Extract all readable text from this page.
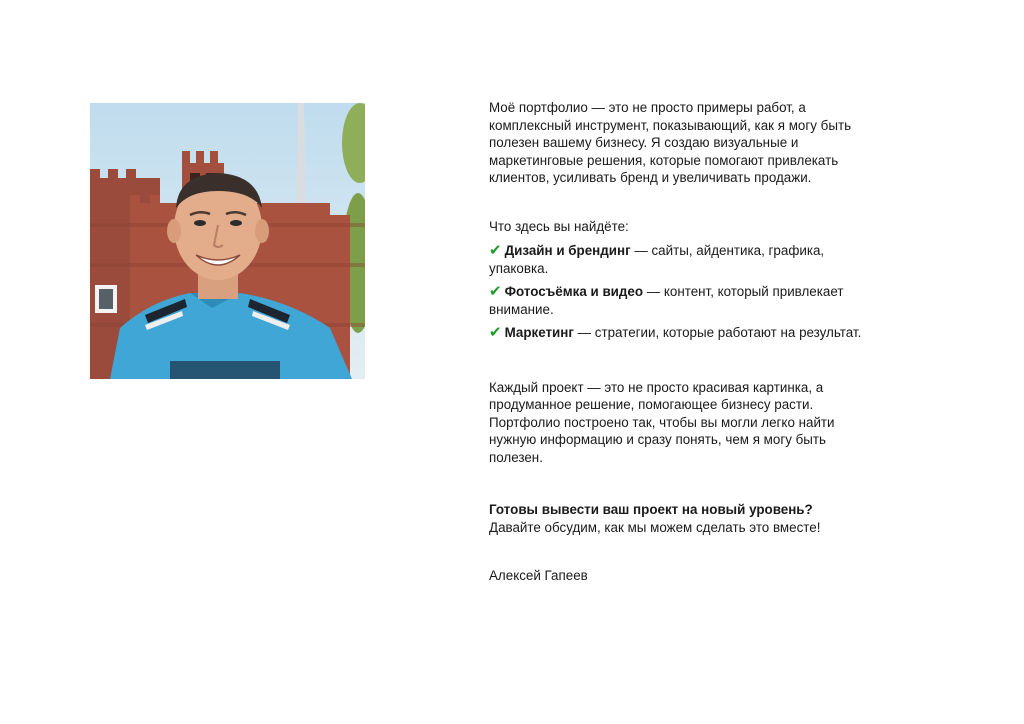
Моё портфолио — это не просто примеры работ, а комплексный инструмент, показывающий, как я могу быть полезен вашему бизнесу. Я создаю визуальные и маркетинговые решения, которые помогают привлекать клиентов, усиливать бренд и увеличивать продажи.

Что здесь вы найдёте:

✔ Дизайн и брендинг — сайты, айдентика, графика, упаковка.

✔ Фотосъёмка и видео — контент, который привлекает внимание.

✔ Маркетинг — стратегии, которые работают на результат.

Каждый проект — это не просто красивая картинка, а продуманное решение, помогающее бизнесу расти. Портфолио построено так, чтобы вы могли легко найти нужную информацию и сразу понять, чем я могу быть полезен.

Готовы вывести ваш проект на новый уровень?
Давайте обсудим, как мы можем сделать это вместе!

Алексей Гапеев
